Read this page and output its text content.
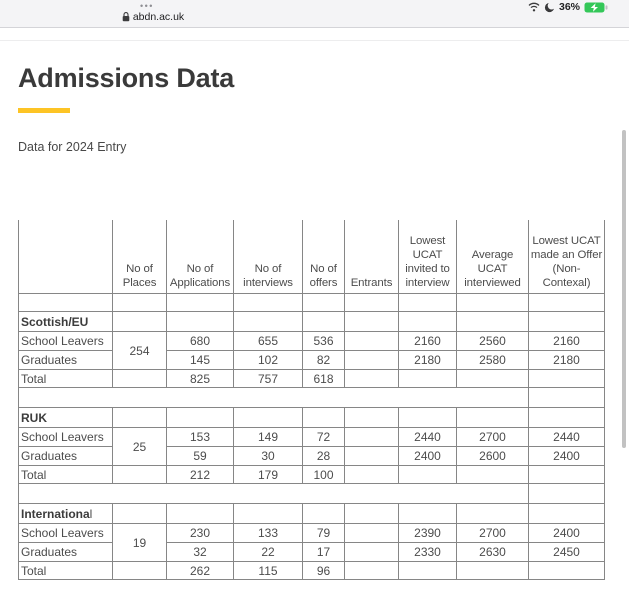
•••
abdn.ac.uk
36%
Admissions Data

Data for 2024 Entry

	No of Places	No of Applications	No of interviews	No of offers	Entrants	Lowest UCAT invited to interview	Average UCAT interviewed	Lowest UCAT made an Offer (Non-Contexal)

Scottish/EU								
School Leavers	254	680	655	536		2160	2560	2160
Graduates		145	102	82		2180	2580	2180
Total		825	757	618				

RUK								
School Leavers	25	153	149	72		2440	2700	2440
Graduates		59	30	28		2400	2600	2400
Total		212	179	100				

International								
School Leavers	19	230	133	79		2390	2700	2400
Graduates		32	22	17		2330	2630	2450
Total		262	115	96				
